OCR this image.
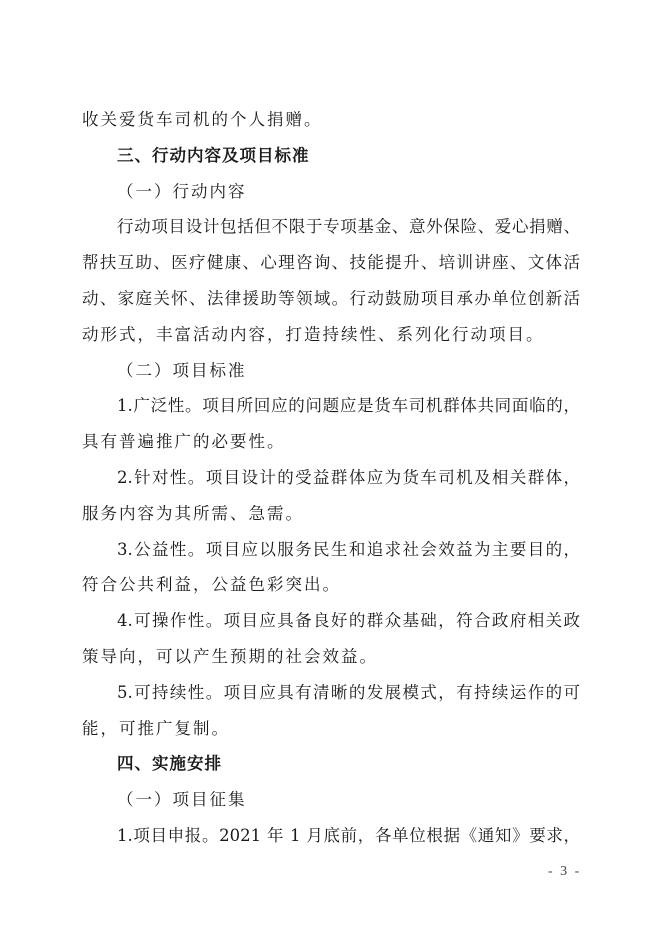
收关爱货车司机的个人捐赠。
三、行动内容及项目标准
（一）行动内容
行动项目设计包括但不限于专项基金、意外保险、爱心捐赠、
帮扶互助、医疗健康、心理咨询、技能提升、培训讲座、文体活
动、家庭关怀、法律援助等领域。行动鼓励项目承办单位创新活
动形式，丰富活动内容，打造持续性、系列化行动项目。
（二）项目标准
1.广泛性。项目所回应的问题应是货车司机群体共同面临的，
具有普遍推广的必要性。
2.针对性。项目设计的受益群体应为货车司机及相关群体，
服务内容为其所需、急需。
3.公益性。项目应以服务民生和追求社会效益为主要目的，
符合公共利益，公益色彩突出。
4.可操作性。项目应具备良好的群众基础，符合政府相关政
策导向，可以产生预期的社会效益。
5.可持续性。项目应具有清晰的发展模式，有持续运作的可
能，可推广复制。
四、实施安排
（一）项目征集
1.项目申报。2021 年 1 月底前，各单位根据《通知》要求，
- 3 -
